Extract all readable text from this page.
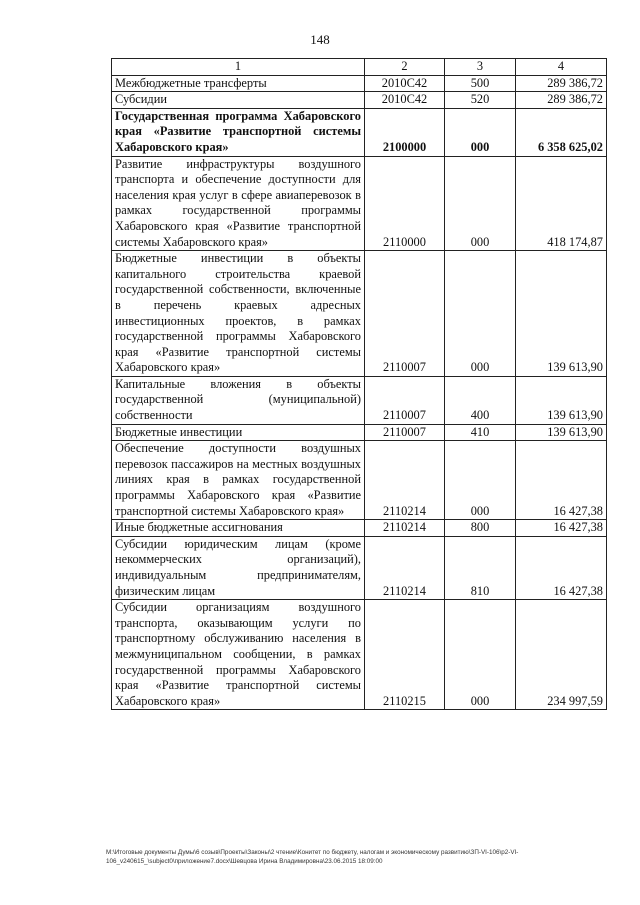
148
1	2	3	4
Межбюджетные трансферты	2010С42	500	289 386,72
Субсидии	2010С42	520	289 386,72
Государственная программа Хабаровского края «Развитие транспортной системы Хабаровского края»	2100000	000	6 358 625,02
Развитие инфраструктуры воздушного транспорта и обеспечение доступности для населения края услуг в сфере авиаперевозок в рамках государственной программы Хабаровского края «Развитие транспортной системы Хабаровского края»	2110000	000	418 174,87
Бюджетные инвестиции в объекты капитального строительства краевой государственной собственности, включенные в перечень краевых адресных инвестиционных проектов, в рамках государственной программы Хабаровского края «Развитие транспортной системы Хабаровского края»	2110007	000	139 613,90
Капитальные вложения в объекты государственной (муниципальной) собственности	2110007	400	139 613,90
Бюджетные инвестиции	2110007	410	139 613,90
Обеспечение доступности воздушных перевозок пассажиров на местных воздушных линиях края в рамках государственной программы Хабаровского края «Развитие транспортной системы Хабаровского края»	2110214	000	16 427,38
Иные бюджетные ассигнования	2110214	800	16 427,38
Субсидии юридическим лицам (кроме некоммерческих организаций), индивидуальным предпринимателям, физическим лицам	2110214	810	16 427,38
Субсидии организациям воздушного транспорта, оказывающим услуги по транспортному обслуживанию населения в межмуниципальном сообщении, в рамках государственной программы Хабаровского края «Развитие транспортной системы Хабаровского края»	2110215	000	234 997,59
М:\Итоговые документы Думы\6 созыв\Проекты\Законы\2 чтение\Конитет по бюджету, налогам и экономическому развитию\ЗП-VI-106\р2-VI-
106_v240615_\subject0\приложение7.docx\Шевцова Ирина Владимировна\23.06.2015 18:09:00
